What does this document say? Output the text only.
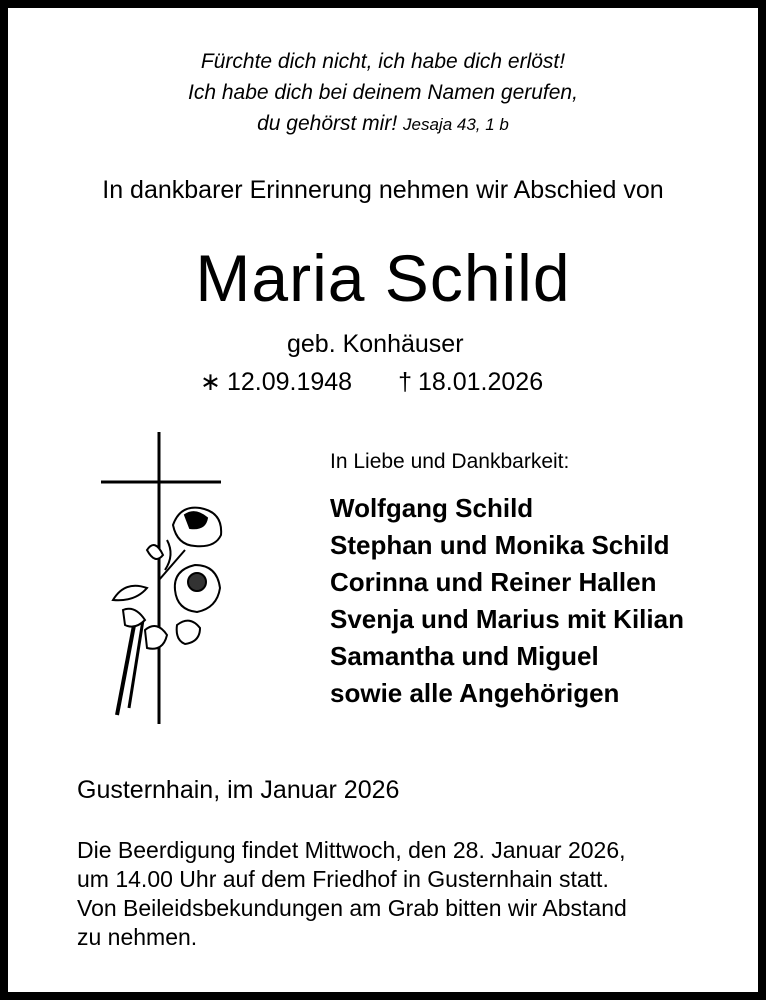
Fürchte dich nicht, ich habe dich erlöst!
Ich habe dich bei deinem Namen gerufen,
du gehörst mir! Jesaja 43, 1 b
In dankbarer Erinnerung nehmen wir Abschied von
Maria Schild
geb. Konhäuser
∗ 12.09.1948 † 18.01.2026
In Liebe und Dankbarkeit:
Wolfgang Schild
Stephan und Monika Schild
Corinna und Reiner Hallen
Svenja und Marius mit Kilian
Samantha und Miguel
sowie alle Angehörigen
Gusternhain, im Januar 2026
Die Beerdigung findet Mittwoch, den 28. Januar 2026,
um 14.00 Uhr auf dem Friedhof in Gusternhain statt.
Von Beileidsbekundungen am Grab bitten wir Abstand
zu nehmen.
